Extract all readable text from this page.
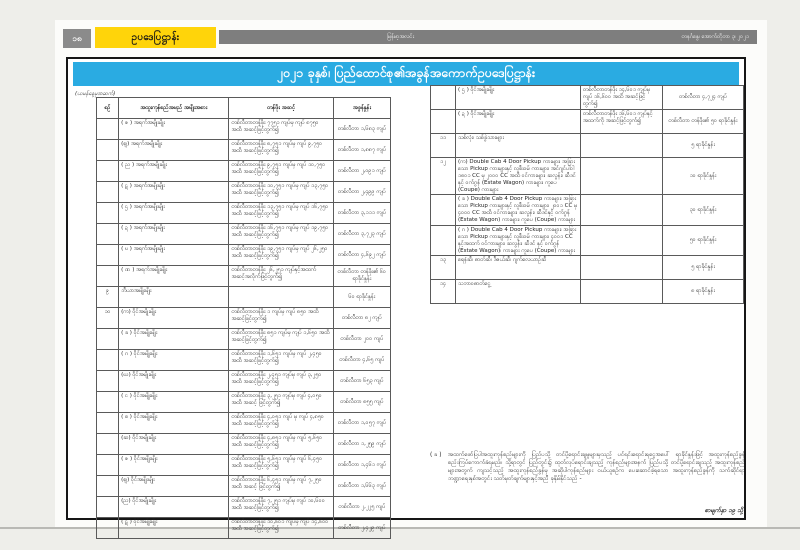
၁၈	ဥပဒေပြဋ္ဌာန်း	မြန်မာ့အလင်း	တနင်္ဂနွေ၊ အောက်တိုဘာ ၃၊ ၂၀၂၁
၂၀၂၁ ခုနှစ်၊ ပြည်ထောင်စု၏အခွန်အကောက်ဥပဒေပြဋ္ဌာန်း
(ယမန်နေ့မှအဆက်)
စဉ်	အထူးကုန်စည်အမည် အမျိုးအစား	တန်ဖိုး အဆင့်	အခွန်နှုန်း
	( ဇ ) အရက်အမျိုးမျိုး	တစ်လီတာတန်ဖိုး ၇၇၅၁ ကျပ်မှ ကျပ် ၈၇၅၀ အထိ အဆင့်ဖြင့်တွက်၍	တစ်လီတာ ၁,၆၈၃ ကျပ်
	(ဈ) အရက်အမျိုးမျိုး	တစ်လီတာတန်ဖိုး ၈,၇၅၁ ကျပ်မှ ကျပ် ၉,၇၅၀ အထိ အဆင့်ဖြင့်တွက်၍	တစ်လီတာ ၁,၈၈၇ ကျပ်
	( ည ) အရက်အမျိုးမျိုး	တစ်လီတာတန်ဖိုး ၉,၇၅၁ ကျပ်မှ ကျပ် ၁၀,၇၅၀ အထိ အဆင့်ဖြင့်တွက်၍	တစ်လီတာ ၂,၀၉၁ ကျပ်
	( ဋ ) အရက်အမျိုးမျိုး	တစ်လီတာတန်ဖိုး ၁၀,၇၅၁ ကျပ်မှ ကျပ် ၁၃,၇၅၀ အထိ အဆင့်ဖြင့်တွက်၍	တစ်လီတာ ၂,၄၉၉ ကျပ်
	( ဌ ) အရက်အမျိုးမျိုး	တစ်လီတာတန်ဖိုး ၁၃,၇၅၁ ကျပ်မှ ကျပ် ၁၆,၇၅၀ အထိ အဆင့်ဖြင့်တွက်၍	တစ်လီတာ ၃,၁၁၁ ကျပ်
	( ဍ ) အရက်အမျိုးမျိုး	တစ်လီတာတန်ဖိုး ၁၆,၇၅၁ ကျပ်မှ ကျပ် ၁၉,၇၅၀ အထိ အဆင့်ဖြင့်တွက်၍	တစ်လီတာ ၃,၇၂၃ ကျပ်
	( ဎ ) အရက်အမျိုးမျိုး	တစ်လီတာတန်ဖိုး ၁၉,၇၅၁ ကျပ်မှ ကျပ် ၂၆,၂၅၀ အထိ အဆင့်ဖြင့်တွက်၍	တစ်လီတာ ၄,၆၉၂ ကျပ်
	( ဏ ) အရက်အမျိုးမျိုး	တစ်လီတာတန်ဖိုး ၂၆,၂၅၁ ကျပ်နှင့်အထက် အဆင့်အလိုက်ဖြင့်တွက်၍	တစ်လီတာ တန်ဖိုး၏ ၆၀ ရာခိုင်နှုန်း
၉	ဘီယာအမျိုးမျိုး		၆၀ ရာခိုင်နှုန်း
၁၀	(က) ဝိုင်အမျိုးမျိုး	တစ်လီတာတန်ဖိုး ၁ ကျပ်မှ ကျပ် ၈၅၀ အထိ အဆင့်ဖြင့်တွက်၍	တစ်လီတာ ၈၂ ကျပ်
	( ခ ) ဝိုင်အမျိုးမျိုး	တစ်လီတာတန်ဖိုး ၈၅၁ ကျပ်မှ ကျပ် ၁,၆၅၀ အထိ အဆင့်ဖြင့်တွက်၍	တစ်လီတာ ၂၀၀ ကျပ်
	( ဂ ) ဝိုင်အမျိုးမျိုး	တစ်လီတာတန်ဖိုး ၁,၆၅၁ ကျပ်မှ ကျပ် ၂,၄၅၀ အထိ အဆင့်ဖြင့်တွက်၍	တစ်လီတာ ၄,၆၅ ကျပ်
	(ဃ) ဝိုင်အမျိုးမျိုး	တစ်လီတာတန်ဖိုး ၂,၄၅၁ ကျပ်မှ ကျပ် ၃,၂၅၀ အထိ အဆင့်ဖြင့်တွက်၍	တစ်လီတာ ၆၅၃ ကျပ်
	( င ) ဝိုင်အမျိုးမျိုး	တစ်လီတာတန်ဖိုး ၃,၂၅၁ ကျပ်မှ ကျပ် ၄,၀၅၀ အထိ အဆင့် ဖြင့်တွက်၍	တစ်လီတာ ၈၅၅ ကျပ်
	( စ ) ဝိုင်အမျိုးမျိုး	တစ်လီတာတန်ဖိုး ၄,၀၅၁ ကျပ် မှ ကျပ် ၄,၈၅၀ အထိ အဆင့်ဖြင့်တွက်၍	တစ်လီတာ ၁,၀၅၇ ကျပ်
	(ဆ) ဝိုင်အမျိုးမျိုး	တစ်လီတာတန်ဖိုး ၄,၈၅၁ ကျပ်မှ ကျပ် ၅,၆၅၀ အထိ အဆင့်ဖြင့်တွက်၍	တစ်လီတာ ၁,၂၅၉ ကျပ်
	( ဇ ) ဝိုင်အမျိုးမျိုး	တစ်လီတာတန်ဖိုး ၅,၆၅၁ ကျပ်မှ ကျပ် ၆,၄၅၀ အထိ အဆင့်ဖြင့်တွက်၍	တစ်လီတာ ၁,၄၆၁ ကျပ်
	(ဈ) ဝိုင်အမျိုးမျိုး	တစ်လီတာတန်ဖိုး ၆,၄၅၁ ကျပ်မှ ကျပ် ၇,၂၅၀ အထိ အဆင့် ဖြင့်တွက်၍	တစ်လီတာ ၁,၆၆၃ ကျပ်
	(ည) ဝိုင်အမျိုးမျိုး	တစ်လီတာတန်ဖိုး ၇,၂၅၁ ကျပ်မှ ကျပ် ၁၀,၆၀၀ အထိ အဆင့်ဖြင့်တွက်၍	တစ်လီတာ ၂,၂၂၅ ကျပ်
	( ဋ ) ဝိုင်အမျိုးမျိုး	တစ်လီတာတန်ဖိုး ၁၀,၆၀၁ ကျပ်မှ ကျပ် ၁၄,၆၀၀ အထိ အဆင့်ဖြင့်တွက်၍	တစ်လီတာ ၂,၄၂၉ ကျပ်
	( ဌ ) ဝိုင်အမျိုးမျိုး	တစ်လီတာတန်ဖိုး ၁၄,၆၀၁ ကျပ်မှ ကျပ် ၁၆,၆၀၀ အထိ အဆင့်ဖြင့်တွက်၍	တစ်လီတာ ၄,၇၂၄ ကျပ်
	( ဍ ) ဝိုင်အမျိုးမျိုး	တစ်လီတာတန်ဖိုး ၁၆,၆၀၁ ကျပ်နှင့် အထက်ကို အဆင့်ဖြင့်တွက်၍	တစ်လီတာ တန်ဖိုး၏ ၅၀ ရာခိုင်နှုန်း
၁၁	သစ်လုံး၊ သစ်ခွဲသားများ		၅ ရာခိုင်နှုန်း
၁၂	(က) Double Cab 4 Door Pickup ကားများ၊ အခြားသော Pickup ကားများနှင့် လူစီးဝမ် ကားများ၊ အင်ဂျင်ပါဝါ ၁၈၀၁ CC မှ ၂၀၀၀ CC အထိ ဝင်ကားများ၊ ဆလွန်း၊ ဆီဒင်နှင့် ဝက်ဂွန် (Estate Wagon) ကားများ၊ ကူပေ (Coupe) ကားများ		၁၀ ရာခိုင်နှုန်း
	( ခ ) Double Cab 4 Door Pickup ကားများ၊ အခြားသော Pickup ကားများနှင့် လူစီးဝမ် ကားများ၊ ၂၀၀၁ CC မှ ၄၀၀၀ CC အထိ ဝင်ကားများ၊ ဆလွန်း၊ ဆီဒင်နှင့် ဝက်ဂွန် (Estate Wagon) ကားများ၊ ကူပေ (Coupe) ကားများ		၃၀ ရာခိုင်နှုန်း
	( ဂ ) Double Cab 4 Door Pickup ကားများ၊ အခြားသော Pickup ကားများနှင့် လူစီးဝမ် ကားများ၊ ၄၀၀၁ CC နှင့်အထက် ဝင်ကားများ၊ ဆလွန်း၊ ဆီဒင် နှင့် ဝက်ဂွန် (Estate Wagon)၊ ကားများ ကူပေ (Coupe) ကားများ		၅၀ ရာခိုင်နှုန်း
၁၃	ရေနံဆီ၊ ဓာတ်ဆီ၊ ဒီဇယ်ဆီ၊ ဂျက်လေယာဉ်ဆီ		၅ ရာခိုင်နှုန်း
၁၄	သဘာဝဓာတ်ငွေ့		၈ ရာခိုင်နှုန်း
( ခ )	အထက်ဖော်ပြပါအထူးကုန်စည်များကို ပြည်ပသို့ တင်ပို့ရောင်းချမှုများမှသည့် ပင်ရင်းရောင်းရငွေအပေါ် ရာခိုင်နှုန်းဖြင့် အထူးကုန်စည်ခွန် စည်းကြပ်ကောက်ခံရမည်။ သို့ရာတွင် ပြည်တွင်း၌ ထုတ်လုပ်ရောင်းချသည့် ကုန်စည်များအနက် ပြည်ပသို့ တင်ပို့ရောင်းချသည့် အထူးကုန်စည်များအတွက် ကျသင့်သည့် အထူးကုန်စည်ခွန်မှ အဆိုပါကုန်စည်များ ဝယ်ယူစဉ်က ပေးဆောင်ခဲ့ရသော အထူးကုန်စည်ခွန်ကို သက်ဆိုင်ရာ ဘဏ္ဍာရေးနှစ်အတွင်း သတ်မှတ်ချက်များနှင့်အညီ ခုနှိမ်နိုင်သည် -
စာမျက်နှာ ၁၉ သို့
